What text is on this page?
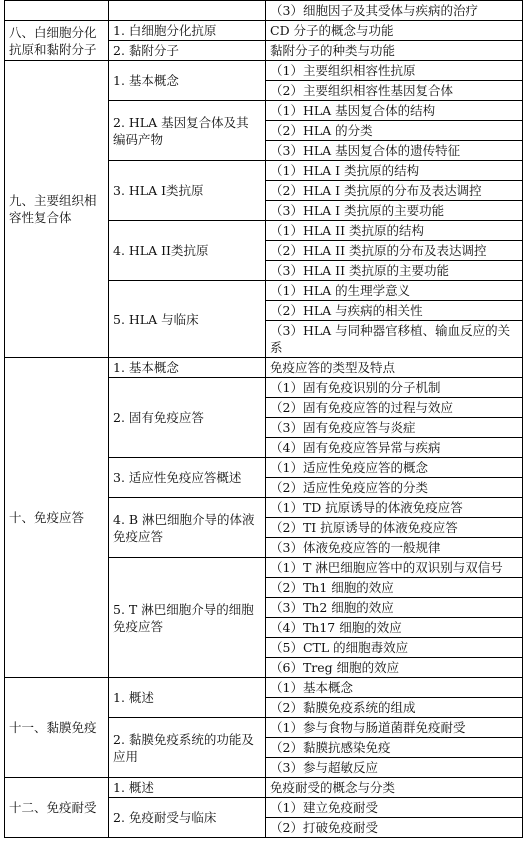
		（3）细胞因子及其受体与疾病的治疗
八、白细胞分化抗原和黏附分子	1. 白细胞分化抗原	CD 分子的概念与功能
	2. 黏附分子	黏附分子的种类与功能
九、主要组织相容性复合体	1. 基本概念	（1）主要组织相容性抗原
		（2）主要组织相容性基因复合体
	2. HLA 基因复合体及其编码产物	（1）HLA 基因复合体的结构
		（2）HLA 的分类
		（3）HLA 基因复合体的遗传特征
	3. HLA I类抗原	（1）HLA I 类抗原的结构
		（2）HLA I 类抗原的分布及表达调控
		（3）HLA I 类抗原的主要功能
	4. HLA II类抗原	（1）HLA II 类抗原的结构
		（2）HLA II 类抗原的分布及表达调控
		（3）HLA II 类抗原的主要功能
	5. HLA 与临床	（1）HLA 的生理学意义
		（2）HLA 与疾病的相关性
		（3）HLA 与同种器官移植、输血反应的关系
十、免疫应答	1. 基本概念	免疫应答的类型及特点
	2. 固有免疫应答	（1）固有免疫识别的分子机制
		（2）固有免疫应答的过程与效应
		（3）固有免疫应答与炎症
		（4）固有免疫应答异常与疾病
	3. 适应性免疫应答概述	（1）适应性免疫应答的概念
		（2）适应性免疫应答的分类
	4. B 淋巴细胞介导的体液免疫应答	（1）TD 抗原诱导的体液免疫应答
		（2）TI 抗原诱导的体液免疫应答
		（3）体液免疫应答的一般规律
	5. T 淋巴细胞介导的细胞免疫应答	（1）T 淋巴细胞应答中的双识别与双信号
		（2）Th1 细胞的效应
		（3）Th2 细胞的效应
		（4）Th17 细胞的效应
		（5）CTL 的细胞毒效应
		（6）Treg 细胞的效应
十一、黏膜免疫	1. 概述	（1）基本概念
		（2）黏膜免疫系统的组成
	2. 黏膜免疫系统的功能及应用	（1）参与食物与肠道菌群免疫耐受
		（2）黏膜抗感染免疫
		（3）参与超敏反应
十二、免疫耐受	1. 概述	免疫耐受的概念与分类
	2. 免疫耐受与临床	（1）建立免疫耐受
		（2）打破免疫耐受
